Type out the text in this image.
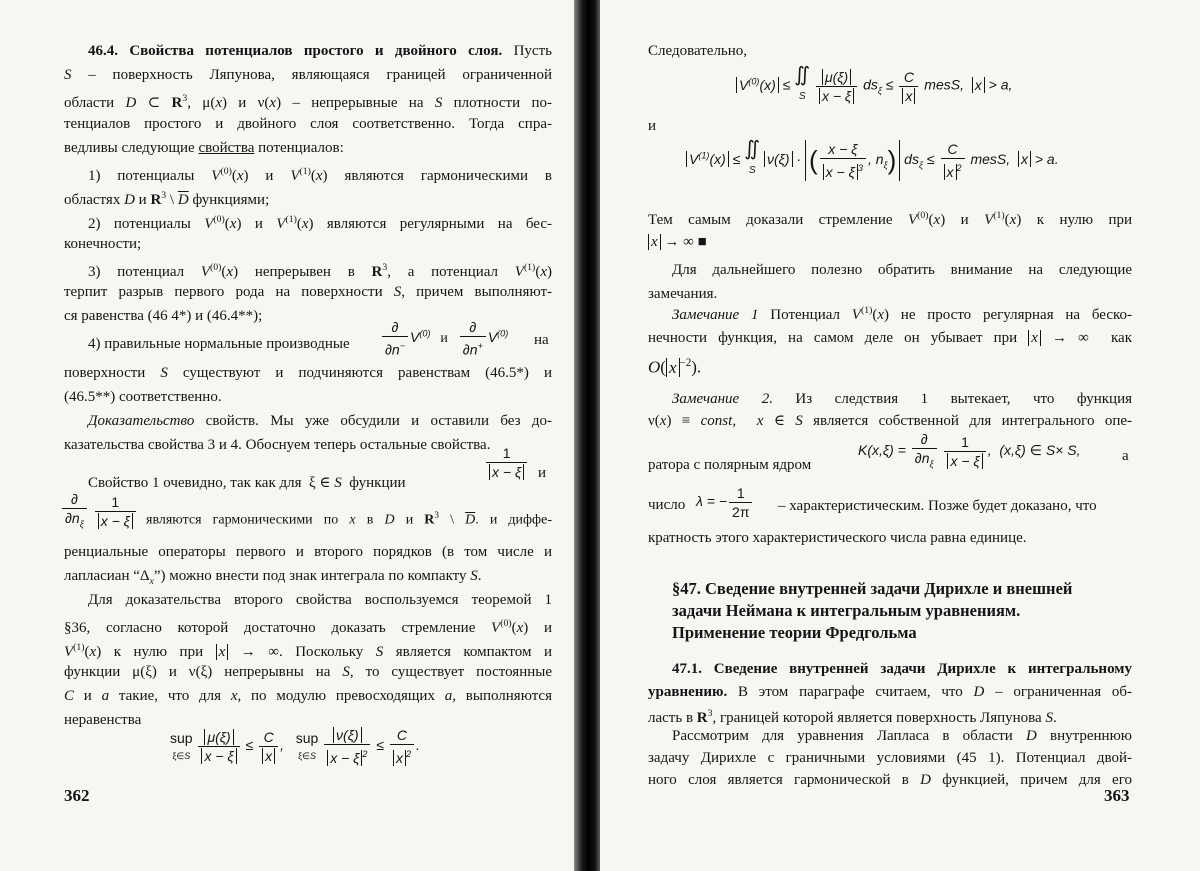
46.4. Свойства потенциалов простого и двойного слоя. Пусть
S – поверхность Ляпунова, являющаяся границей ограниченной
области D ⊂ $R^3$, μ(x) и ν(x) – непрерывные на S плотности по-
тенциалов простого и двойного слоя соответственно. Тогда спра-
ведливы следующие свойства потенциалов:
1) потенциалы $V^{(0)}(x)$ и $V^{(1)}(x)$ являются гармоническими в
областях D и $R^3$ \ $\overline{D}$ функциями;
2) потенциалы $V^{(0)}(x)$ и $V^{(1)}(x)$ являются регулярными на бес-
конечности;
3) потенциал $V^{(0)}(x)$ непрерывен в $R^3$, а потенциал $V^{(1)}(x)$
терпит разрыв первого рода на поверхности S, причем выполняют-
ся равенства (46 4*) и (46.4**);
4) правильные нормальные производные
∂
∂n−
$V^{(0)}$ и
∂
∂n+
$V^{(0)}$ на
поверхности S существуют и подчиняются равенствам (46.5*) и
(46.5**) соответственно.
Доказательство свойств. Мы уже обсудили и оставили без до-
казательства свойства 3 и 4. Обоснуем теперь остальные свойства.
Свойство 1 очевидно, так как для  ξ ∈ S  функции
$\frac{1}{x - \xi}$ и
∂
$\partial n_\xi$
$\frac{1}{x - \xi}$ являются гармоническими по x в D и $R^3$ \ $\overline{D}$. и диффе-
ренциальные операторы первого и второго порядков (в том числе и
лапласиан “$\Delta_x$”) можно внести под знак интеграла по компакту S.
Для доказательства второго свойства воспользуемся теоремой 1
§36, согласно которой достаточно доказать стремление $V^{(0)}(x)$ и
$V^{(1)}(x)$ к нулю при x → ∞. Поскольку S является компактом и
функции μ(ξ) и ν(ξ) непрерывны на S, то существует постоянные
C и a такие, что для x, по модулю превосходящих a, выполняются
неравенства
sup
ξ∈S $\frac{\mu(\xi)}{x - \xi} \le \frac{C}{x}$ ,   sup
ξ∈S $\frac{\nu(\xi)}{x - \xi ^2} \le \frac{C}{x ^2}$ .
362
Следовательно,
$V^{(0)}(x)$ ≤ ∬
S $\frac{\mu(\xi)}{x - \xi} ds_\xi \le \frac{C}{x}$ mesS,  x > a,
и
$V^{(1)}(x)$ ≤ ∬
S ν(ξ) · ( $\frac{x - \xi}{x - \xi ^3}$ , $n_\xi$) $ds_\xi \le \frac{C}{x ^2}$ mesS,  x > a.
Тем самым доказали стремление $V^{(0)}(x)$ и $V^{(1)}(x)$ к нулю при
x → ∞ ■
Для дальнейшего полезно обратить внимание на следующие
замечания.
Замечание 1 Потенциал $V^{(1)}(x)$ не просто регулярная на беско-
нечности функция, на самом деле он убывает при x → ∞  как
O( x $^{-2}$).
Замечание 2. Из следствия 1 вытекает, что функция
ν(x) ≡ const,  x ∈ S является собственной для интегрального опе-
ратора с полярным ядром
K(x,ξ) =
∂
$\partial n_\xi$
$\frac{1}{x - \xi}$ ,  (x,ξ) ∈ S× S,	а
число λ = − $\frac{1}{2\pi}$ – характеристическим. Позже будет доказано, что
кратность этого характеристического числа равна единице.
§47. Сведение внутренней задачи Дирихле и внешней
задачи Неймана к интегральным уравнениям.
Применение теории Фредгольма
47.1. Сведение внутренней задачи Дирихле к интегральному
уравнению. В этом параграфе считаем, что D – ограниченная об-
ласть в $R^3$, границей которой является поверхность Ляпунова S.
Рассмотрим для уравнения Лапласа в области D внутреннюю
задачу Дирихле с граничными условиями (45 1). Потенциал двой-
ного слоя является гармонической в D функцией, причем для его
363
